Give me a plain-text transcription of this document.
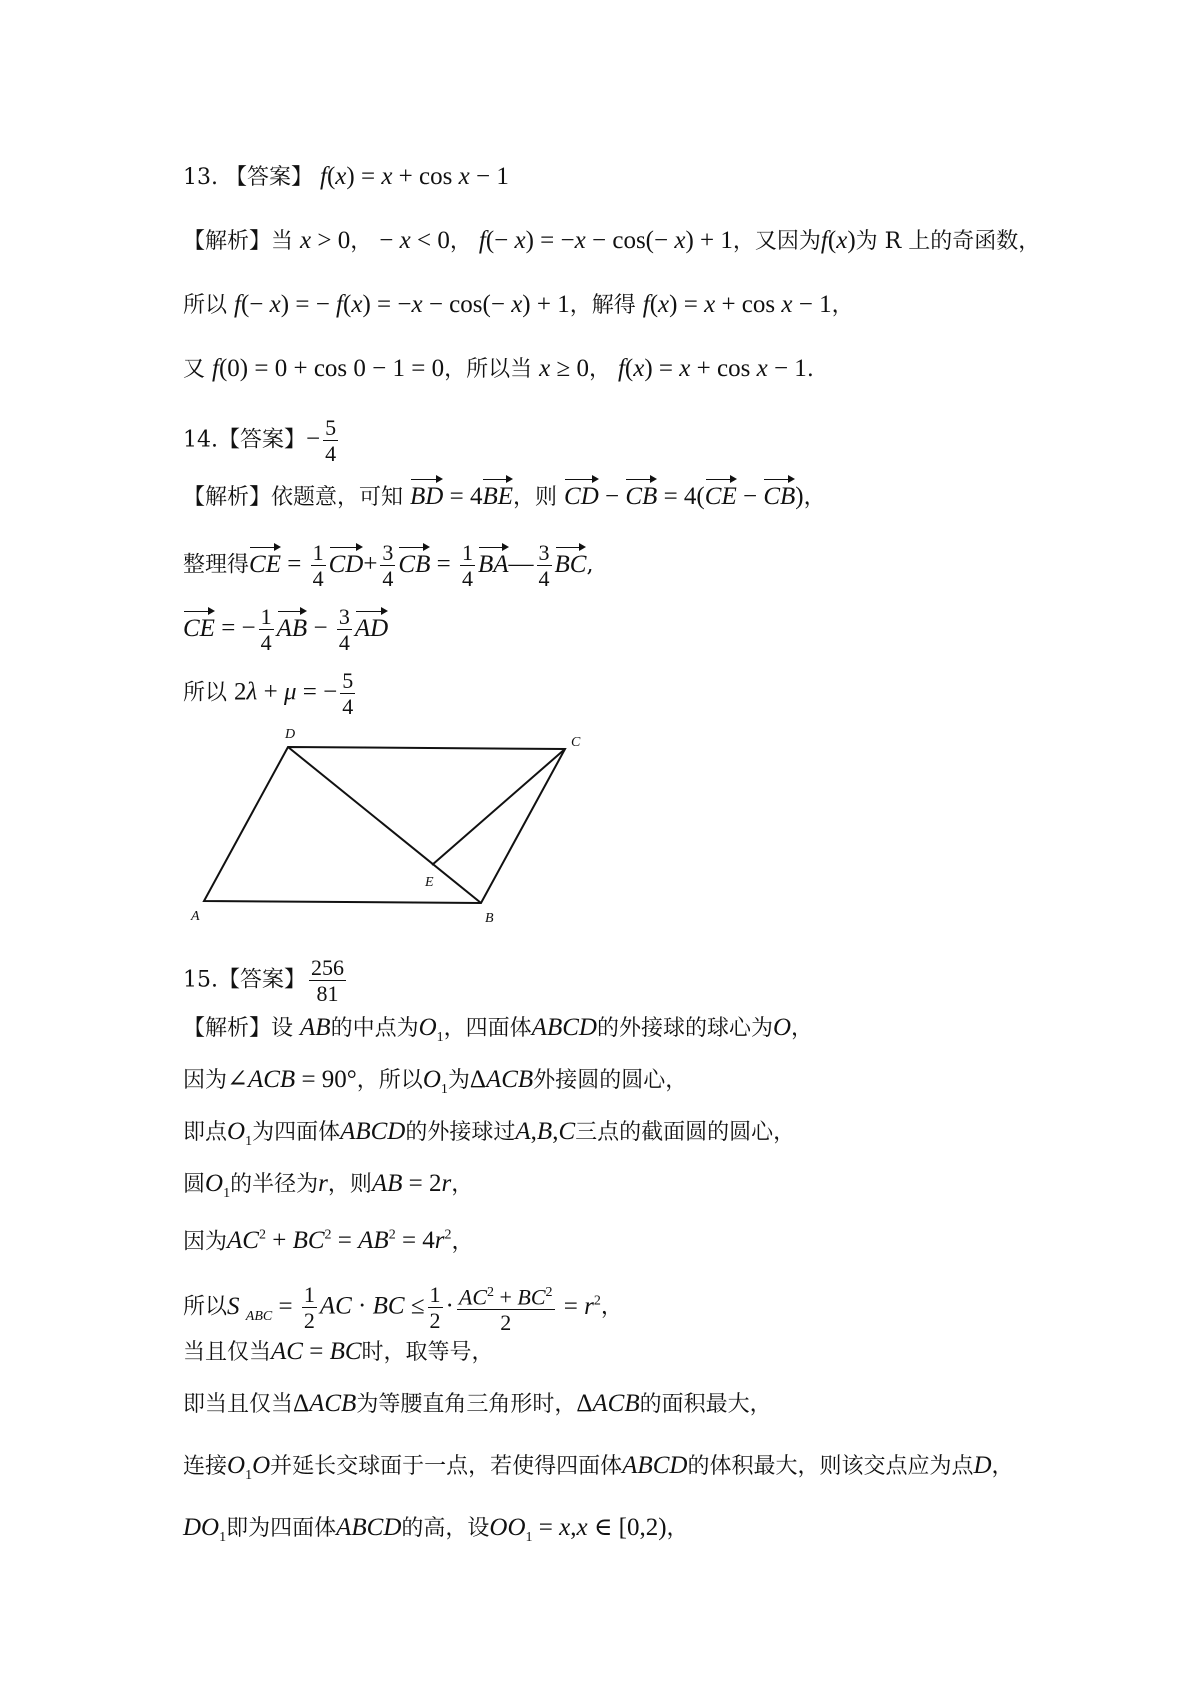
13. 【答案】 f(x) = x + cos x − 1
【解析】当 x > 0， − x < 0， f(− x) = −x − cos(− x) + 1，又因为f(x)为 R 上的奇函数，
所以 f(− x) = − f(x) = −x − cos(− x) + 1，解得 f(x) = x + cos x − 1，
又 f(0) = 0 + cos 0 − 1 = 0，所以当 x ≥ 0， f(x) = x + cos x − 1.
14.【答案】− $\frac{5}{4}$
【解析】依题意，可知 BD = 4BE，则 CD − CB = 4(CE − CB)，
整理得CE = $\frac{1}{4} CD+ \frac{3}{4}$ CB = $\frac{1}{4}$ BA— $\frac{3}{4}$ BC,
CE = − $\frac{1}{4}$ AB − $\frac{3}{4}$ AD
所以 2λ + μ = − $\frac{5}{4}$
D
C
E
A	B
15.【答案】 $\frac{256}{81}$
【解析】设 AB的中点为$O_1$，四面体ABCD的外接球的球心为O，
因为∠ACB = 90°，所以$O_1$为ΔACB外接圆的圆心，
即点$O_1$为四面体ABCD的外接球过A,B,C三点的截面圆的圆心，
圆$O_1$的半径为r，则AB = 2r，
因为$AC^2 + BC^2 = AB^2 = 4r^2$，
所以S $_{ABC} = \frac{1}{2}$ AC · BC ≤ $\frac{1}{2} \cdot \frac{AC^2 + BC^2}{2} = r^2$，
当且仅当AC = BC时，取等号，
即当且仅当ΔACB为等腰直角三角形时，ΔACB的面积最大，
连接$O_1O$并延长交球面于一点，若使得四面体ABCD的体积最大，则该交点应为点D，
$DO_1$即为四面体ABCD的高，设$OO_1 = x,x$ ∈ [0,2)，
